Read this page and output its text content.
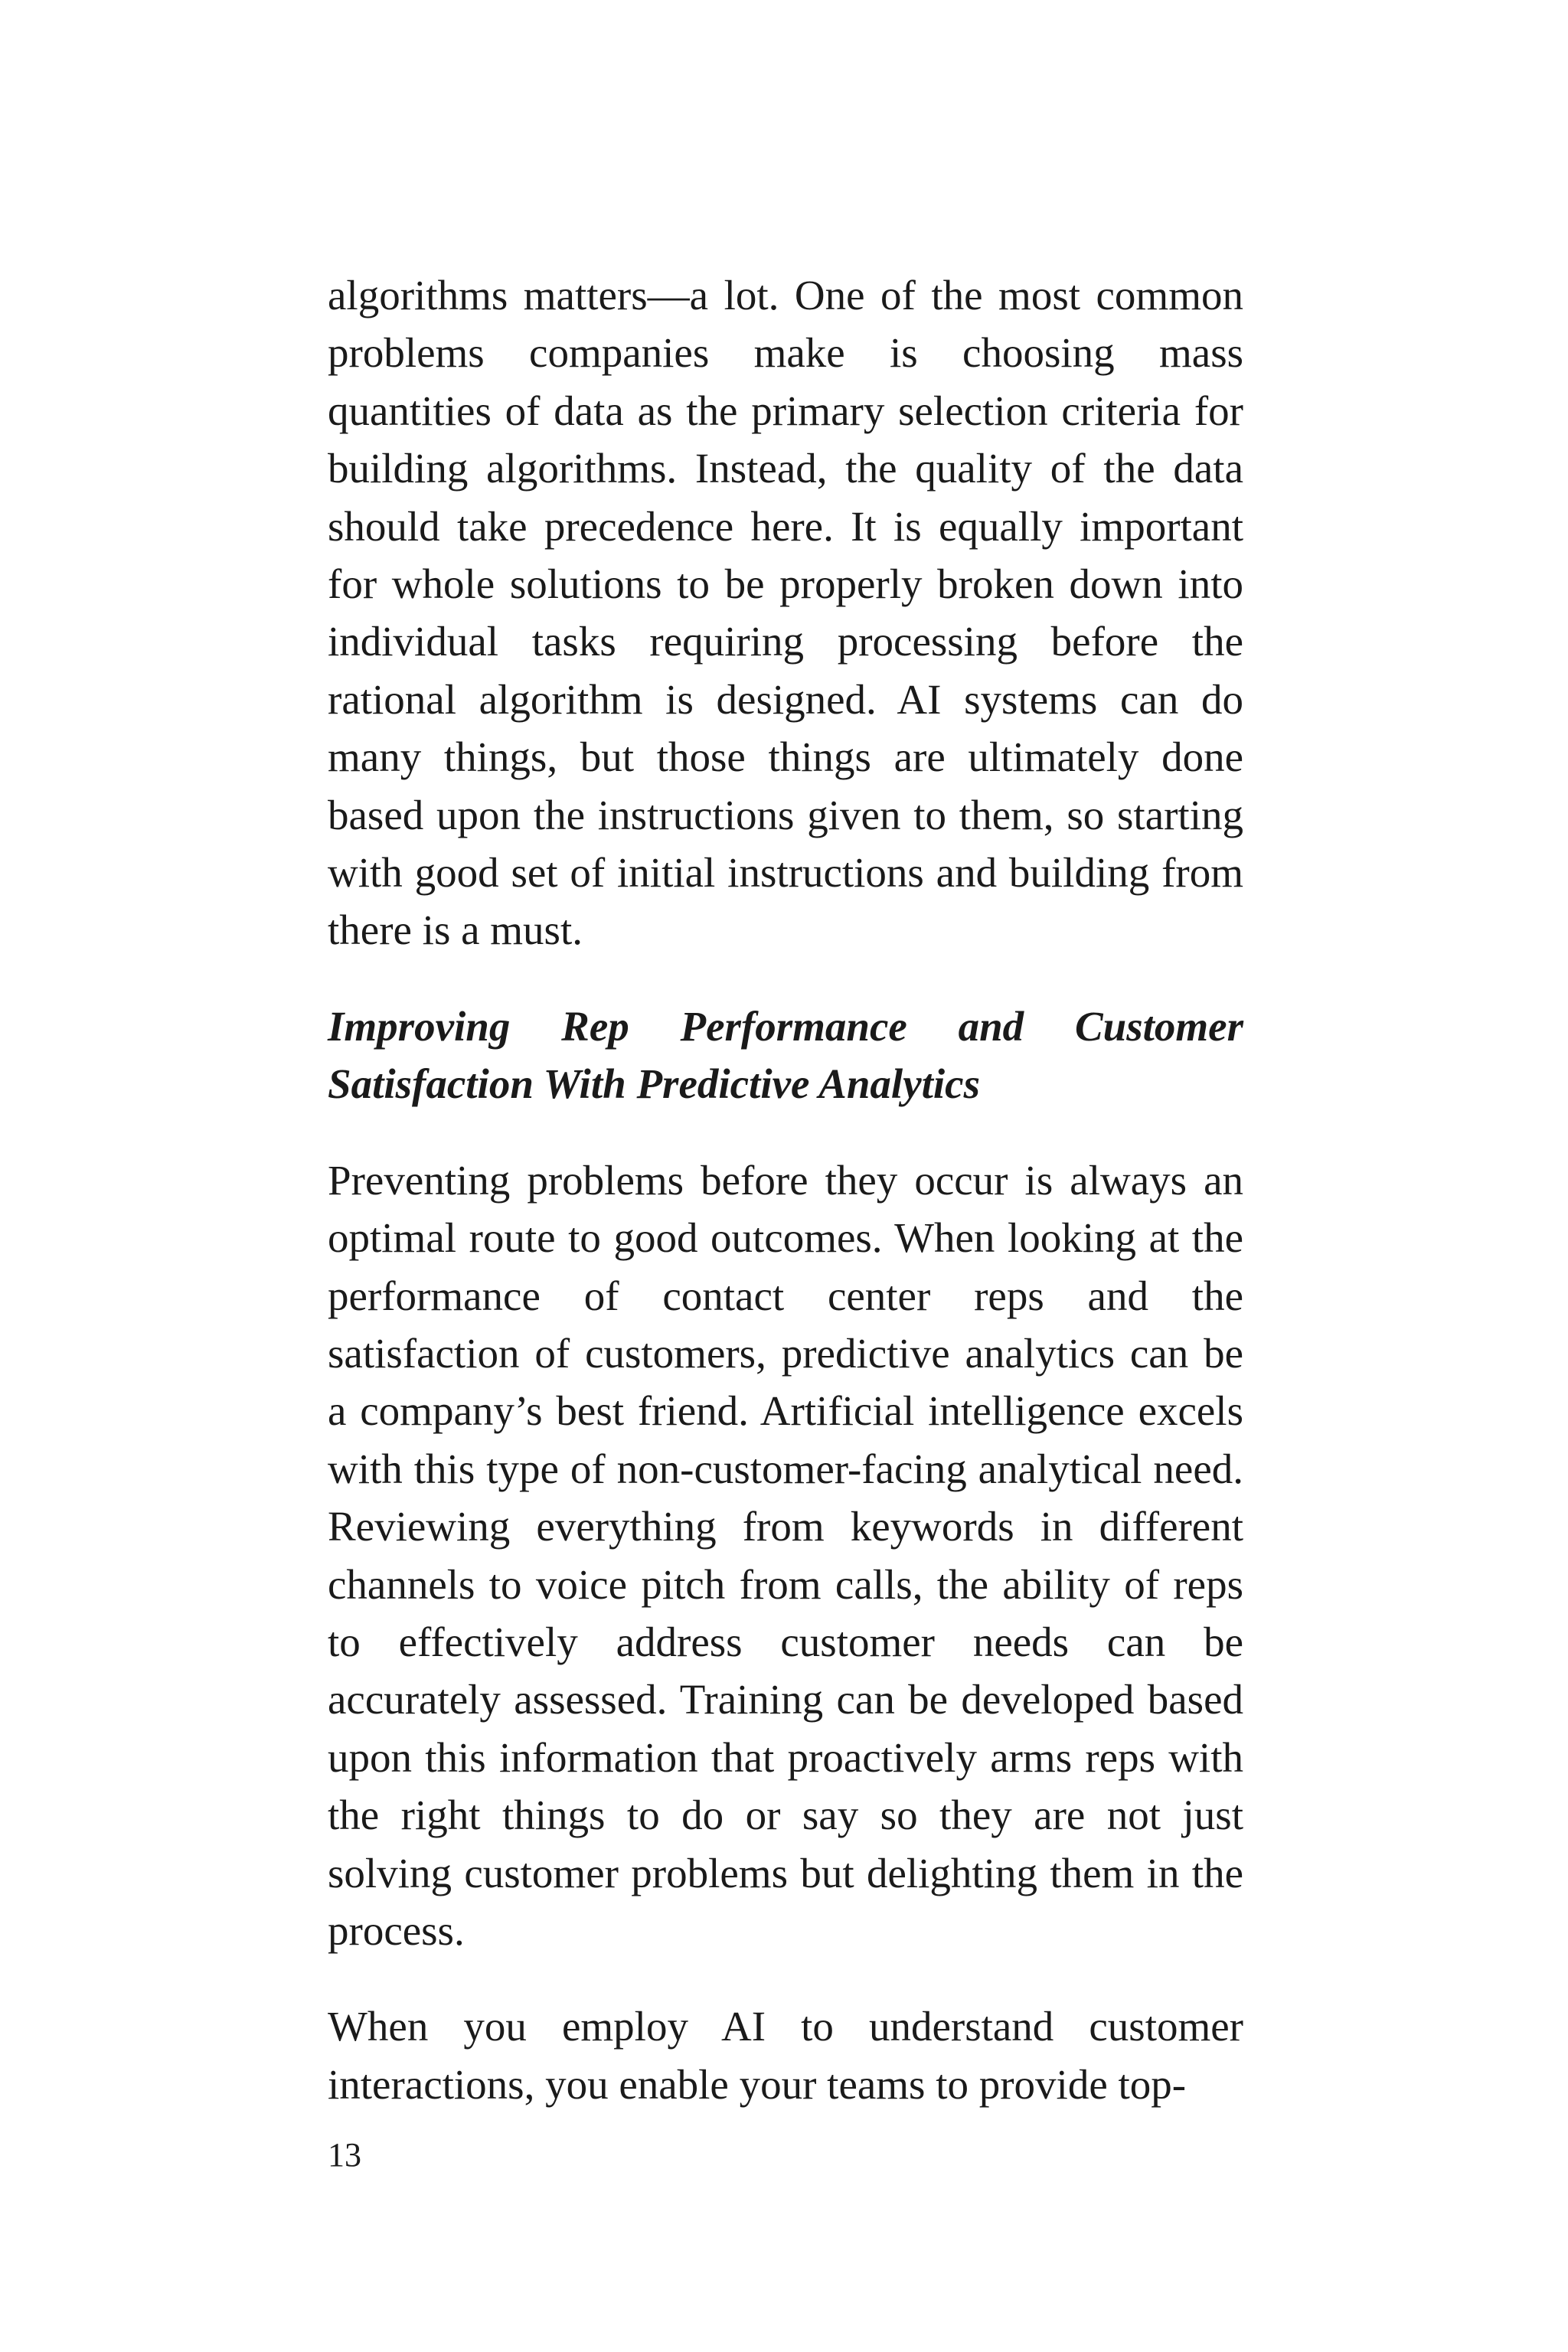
algorithms matters—a lot. One of the most common problems companies make is choosing mass quantities of data as the primary selection criteria for building algorithms. Instead, the quality of the data should take precedence here. It is equally important for whole solutions to be properly broken down into individual tasks requiring processing before the rational algorithm is designed. AI systems can do many things, but those things are ultimately done based upon the instructions given to them, so starting with good set of initial instructions and building from there is a must.

Improving Rep Performance and Customer Satisfaction With Predictive Analytics

Preventing problems before they occur is always an optimal route to good outcomes. When looking at the performance of contact center reps and the satisfaction of customers, predictive analytics can be a company’s best friend. Artificial intelligence excels with this type of non-customer-facing analytical need. Reviewing everything from keywords in different channels to voice pitch from calls, the ability of reps to effectively address customer needs can be accurately assessed. Training can be developed based upon this information that proactively arms reps with the right things to do or say so they are not just solving customer problems but delighting them in the process.

When you employ AI to understand customer interactions, you enable your teams to provide top-

13
